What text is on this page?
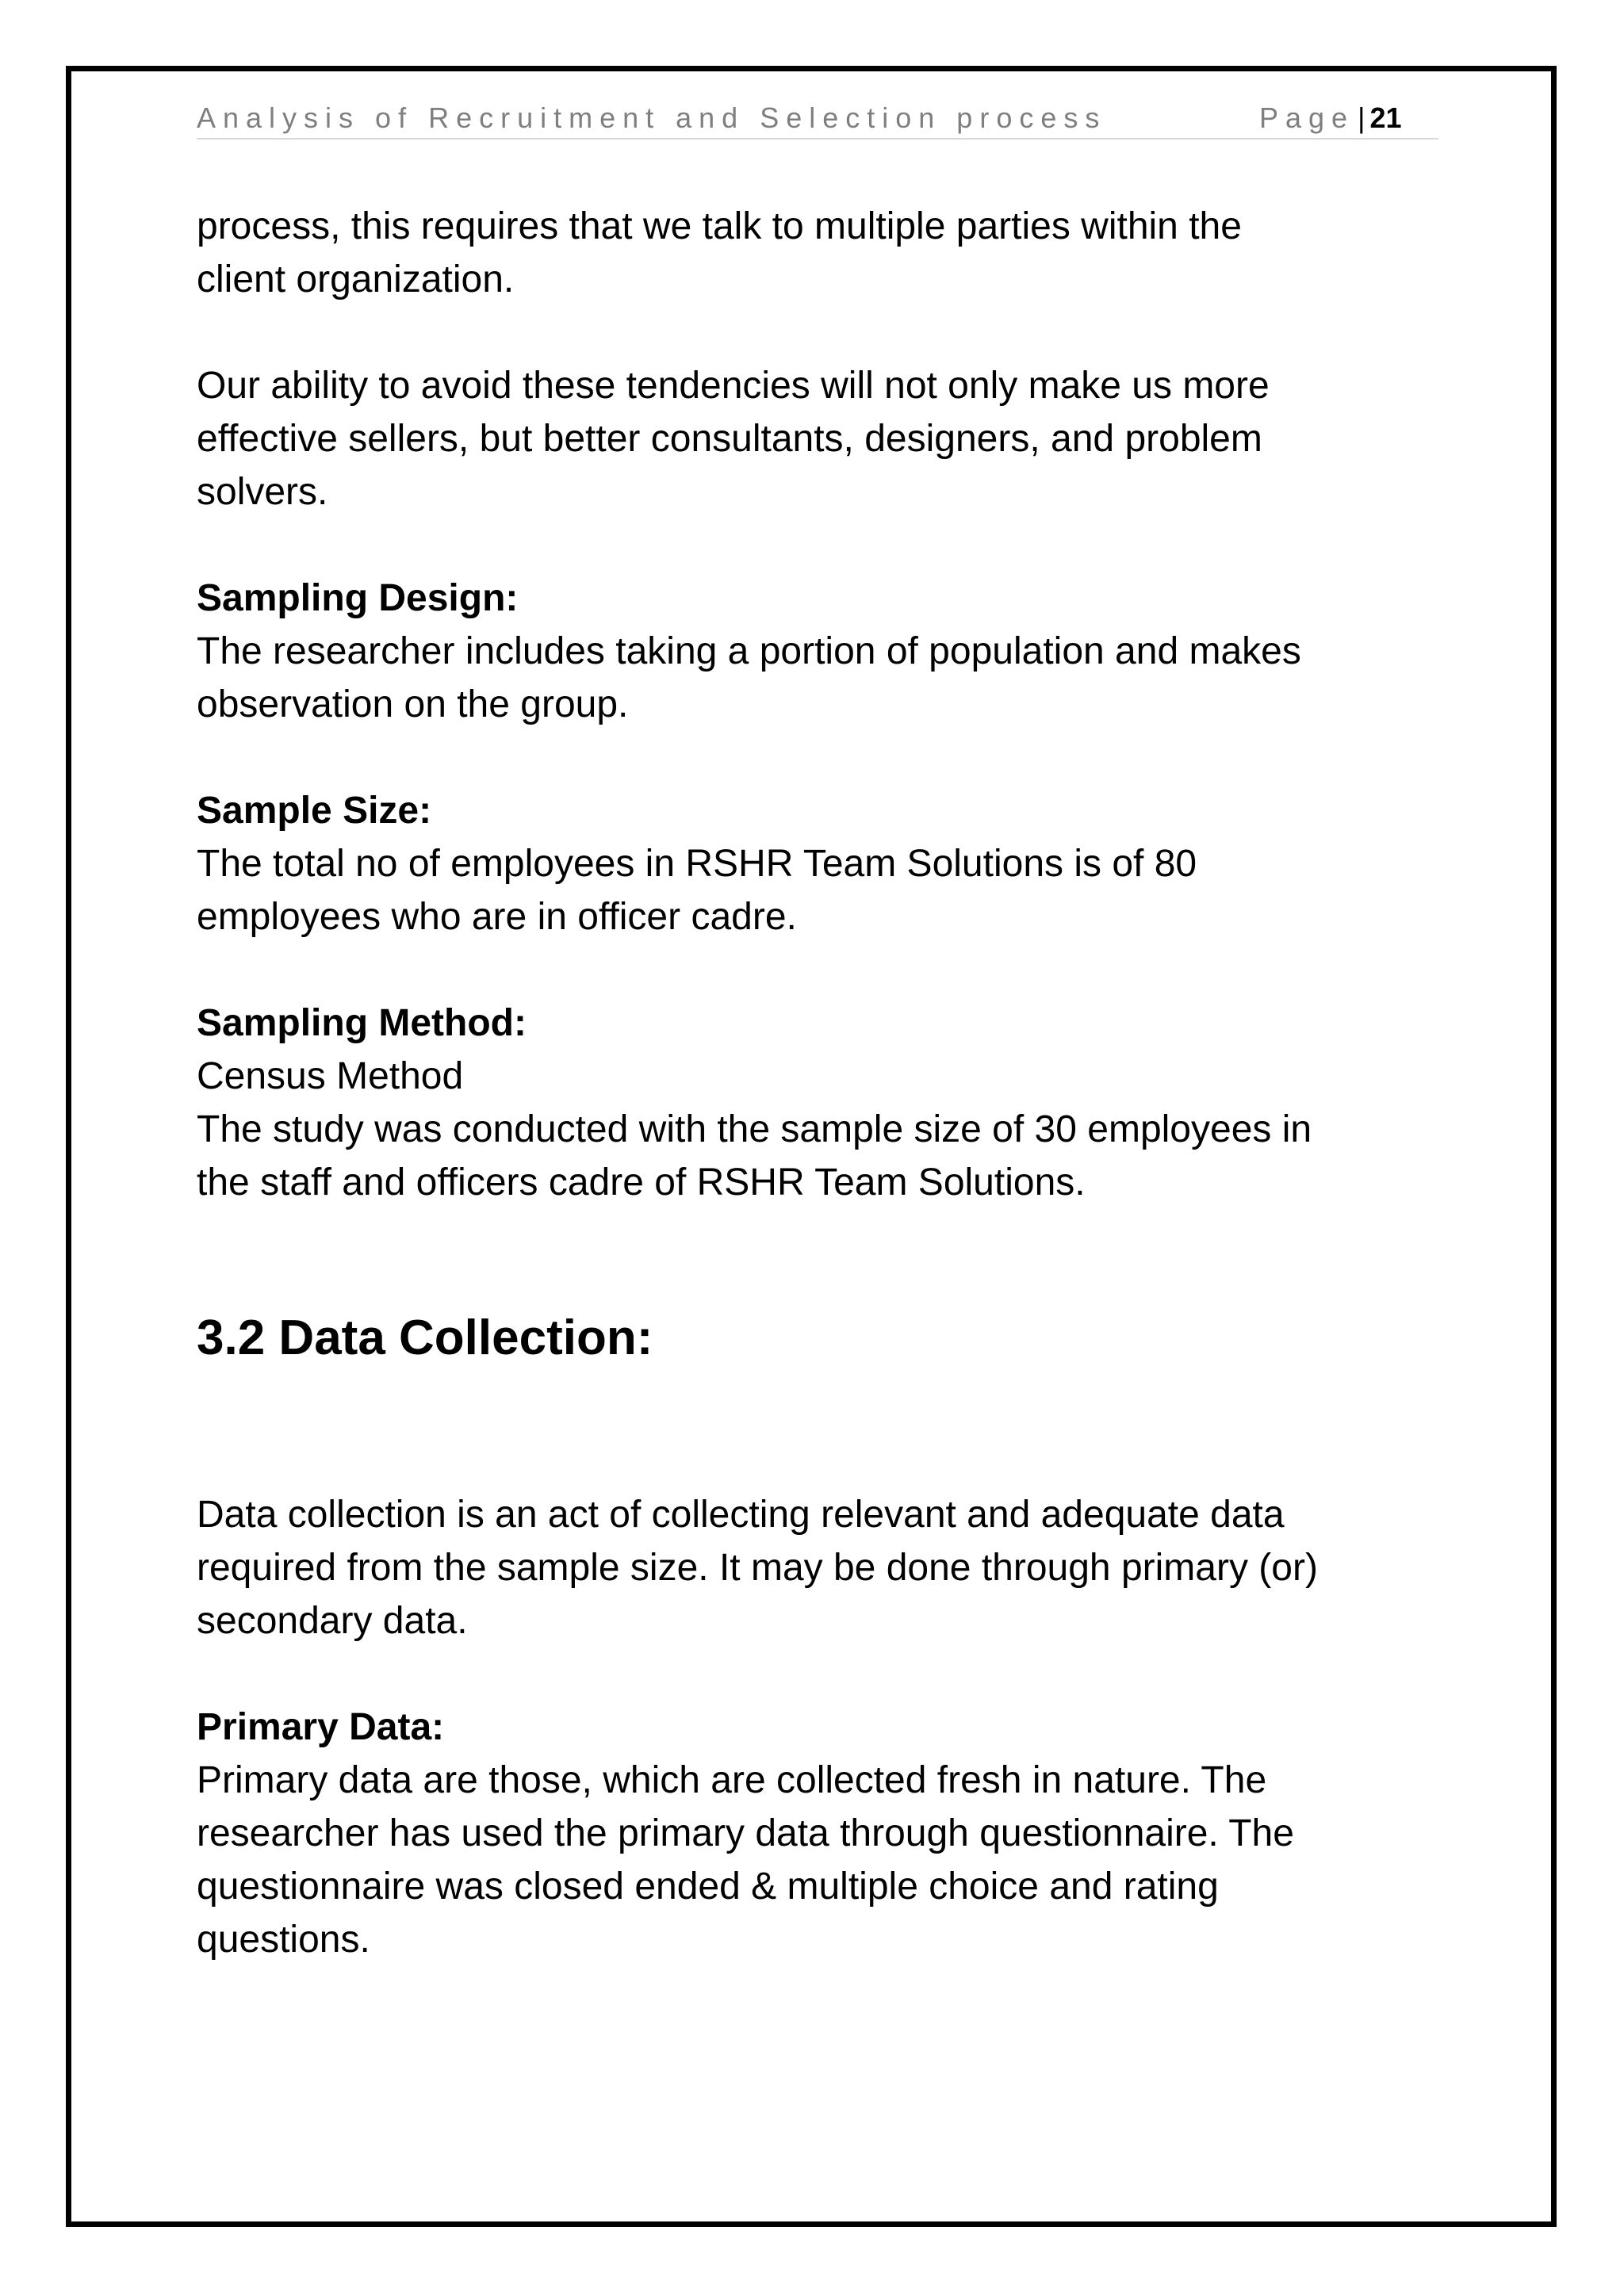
Analysis of Recruitment and Selection process	Page | 21

process, this requires that we talk to multiple parties within the
client organization.

Our ability to avoid these tendencies will not only make us more
effective sellers, but better consultants, designers, and problem
solvers.

Sampling Design:
The researcher includes taking a portion of population and makes
observation on the group.

Sample Size:
The total no of employees in RSHR Team Solutions is of 80
employees who are in officer cadre.

Sampling Method:
Census Method
The study was conducted with the sample size of 30 employees in
the staff and officers cadre of RSHR Team Solutions.

3.2 Data Collection:

Data collection is an act of collecting relevant and adequate data
required from the sample size. It may be done through primary (or)
secondary data.

Primary Data:
Primary data are those, which are collected fresh in nature. The
researcher has used the primary data through questionnaire. The
questionnaire was closed ended & multiple choice and rating
questions.
